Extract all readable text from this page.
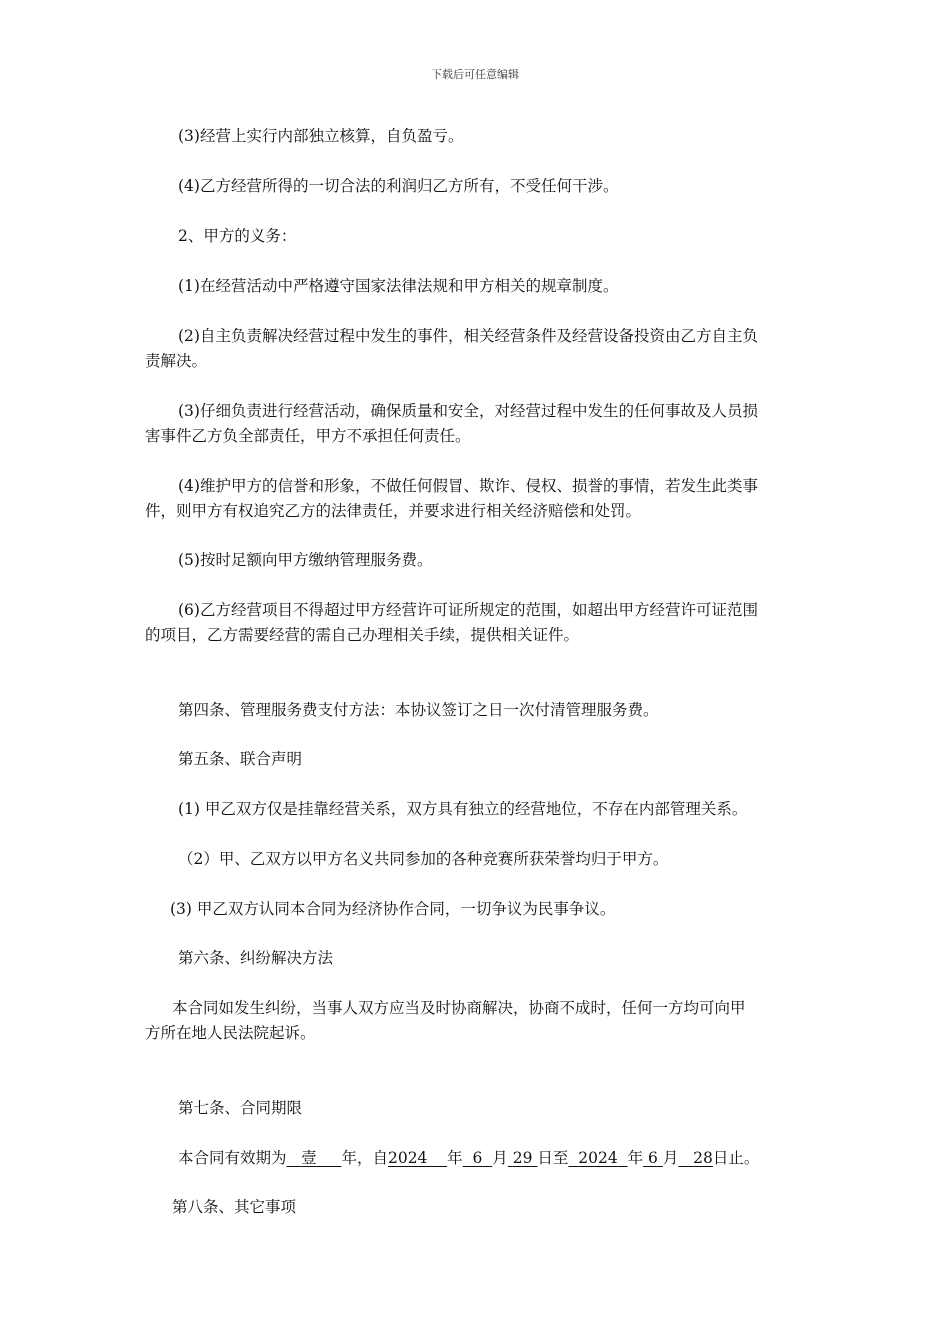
下载后可任意编辑
(3)经营上实行内部独立核算，自负盈亏。
(4)乙方经营所得的一切合法的利润归乙方所有，不受任何干涉。
2、甲方的义务：
(1)在经营活动中严格遵守国家法律法规和甲方相关的规章制度。
(2)自主负责解决经营过程中发生的事件，相关经营条件及经营设备投资由乙方自主负
责解决。
(3)仔细负责进行经营活动，确保质量和安全，对经营过程中发生的任何事故及人员损
害事件乙方负全部责任，甲方不承担任何责任。
(4)维护甲方的信誉和形象，不做任何假冒、欺诈、侵权、损誉的事情，若发生此类事
件，则甲方有权追究乙方的法律责任，并要求进行相关经济赔偿和处罚。
(5)按时足额向甲方缴纳管理服务费。
(6)乙方经营项目不得超过甲方经营许可证所规定的范围，如超出甲方经营许可证范围
的项目，乙方需要经营的需自己办理相关手续，提供相关证件。
第四条、管理服务费支付方法：本协议签订之日一次付清管理服务费。
第五条、联合声明
(1) 甲乙双方仅是挂靠经营关系，双方具有独立的经营地位，不存在内部管理关系。
（2）甲、乙双方以甲方名义共同参加的各种竞赛所获荣誉均归于甲方。
(3) 甲乙双方认同本合同为经济协作合同，一切争议为民事争议。
第六条、纠纷解决方法
本合同如发生纠纷，当事人双方应当及时协商解决，协商不成时，任何一方均可向甲
方所在地人民法院起诉。
第七条、合同期限
本合同有效期为 壹 年，自2024 年 6 月 29 日至 2024 年 6 月 28日止。
第八条、其它事项
